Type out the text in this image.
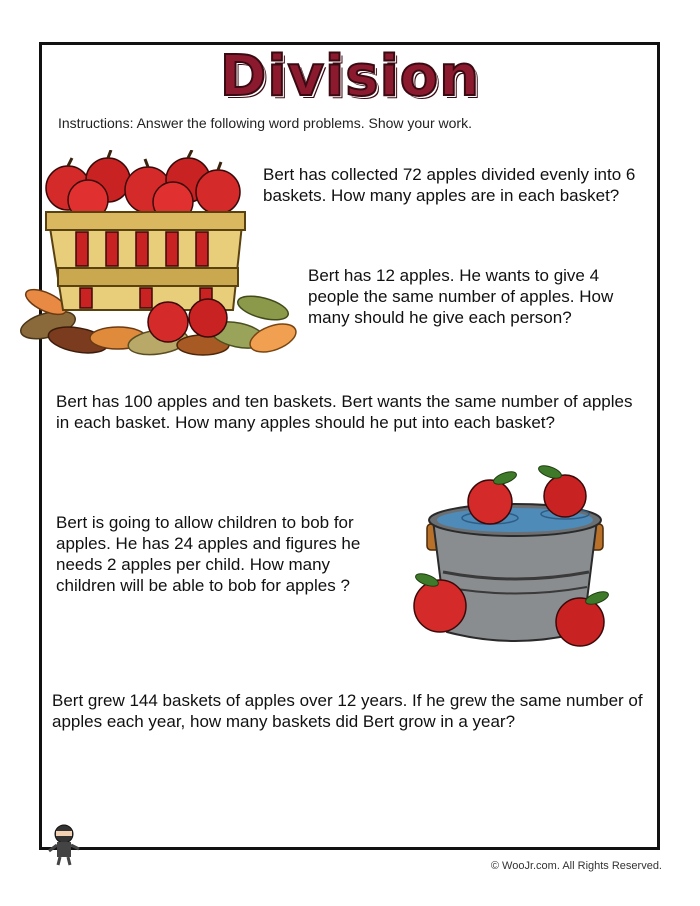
Division
Instructions: Answer the following word problems. Show your work.
Bert has collected 72 apples divided evenly into 6 baskets. How many apples are in each basket?
Bert has 12 apples. He wants to give 4 people the same number of apples. How many should he give each person?
Bert has 100 apples and ten baskets. Bert wants the same number of apples in each basket. How many apples should he put into each basket?
Bert is going to allow children to bob for apples. He has 24 apples and figures he needs 2 apples per child. How many children will be able to bob for apples ?
Bert grew 144 baskets of apples over 12 years. If he grew the same number of apples each year, how many baskets did Bert grow in a year?
© WooJr.com. All Rights Reserved.
